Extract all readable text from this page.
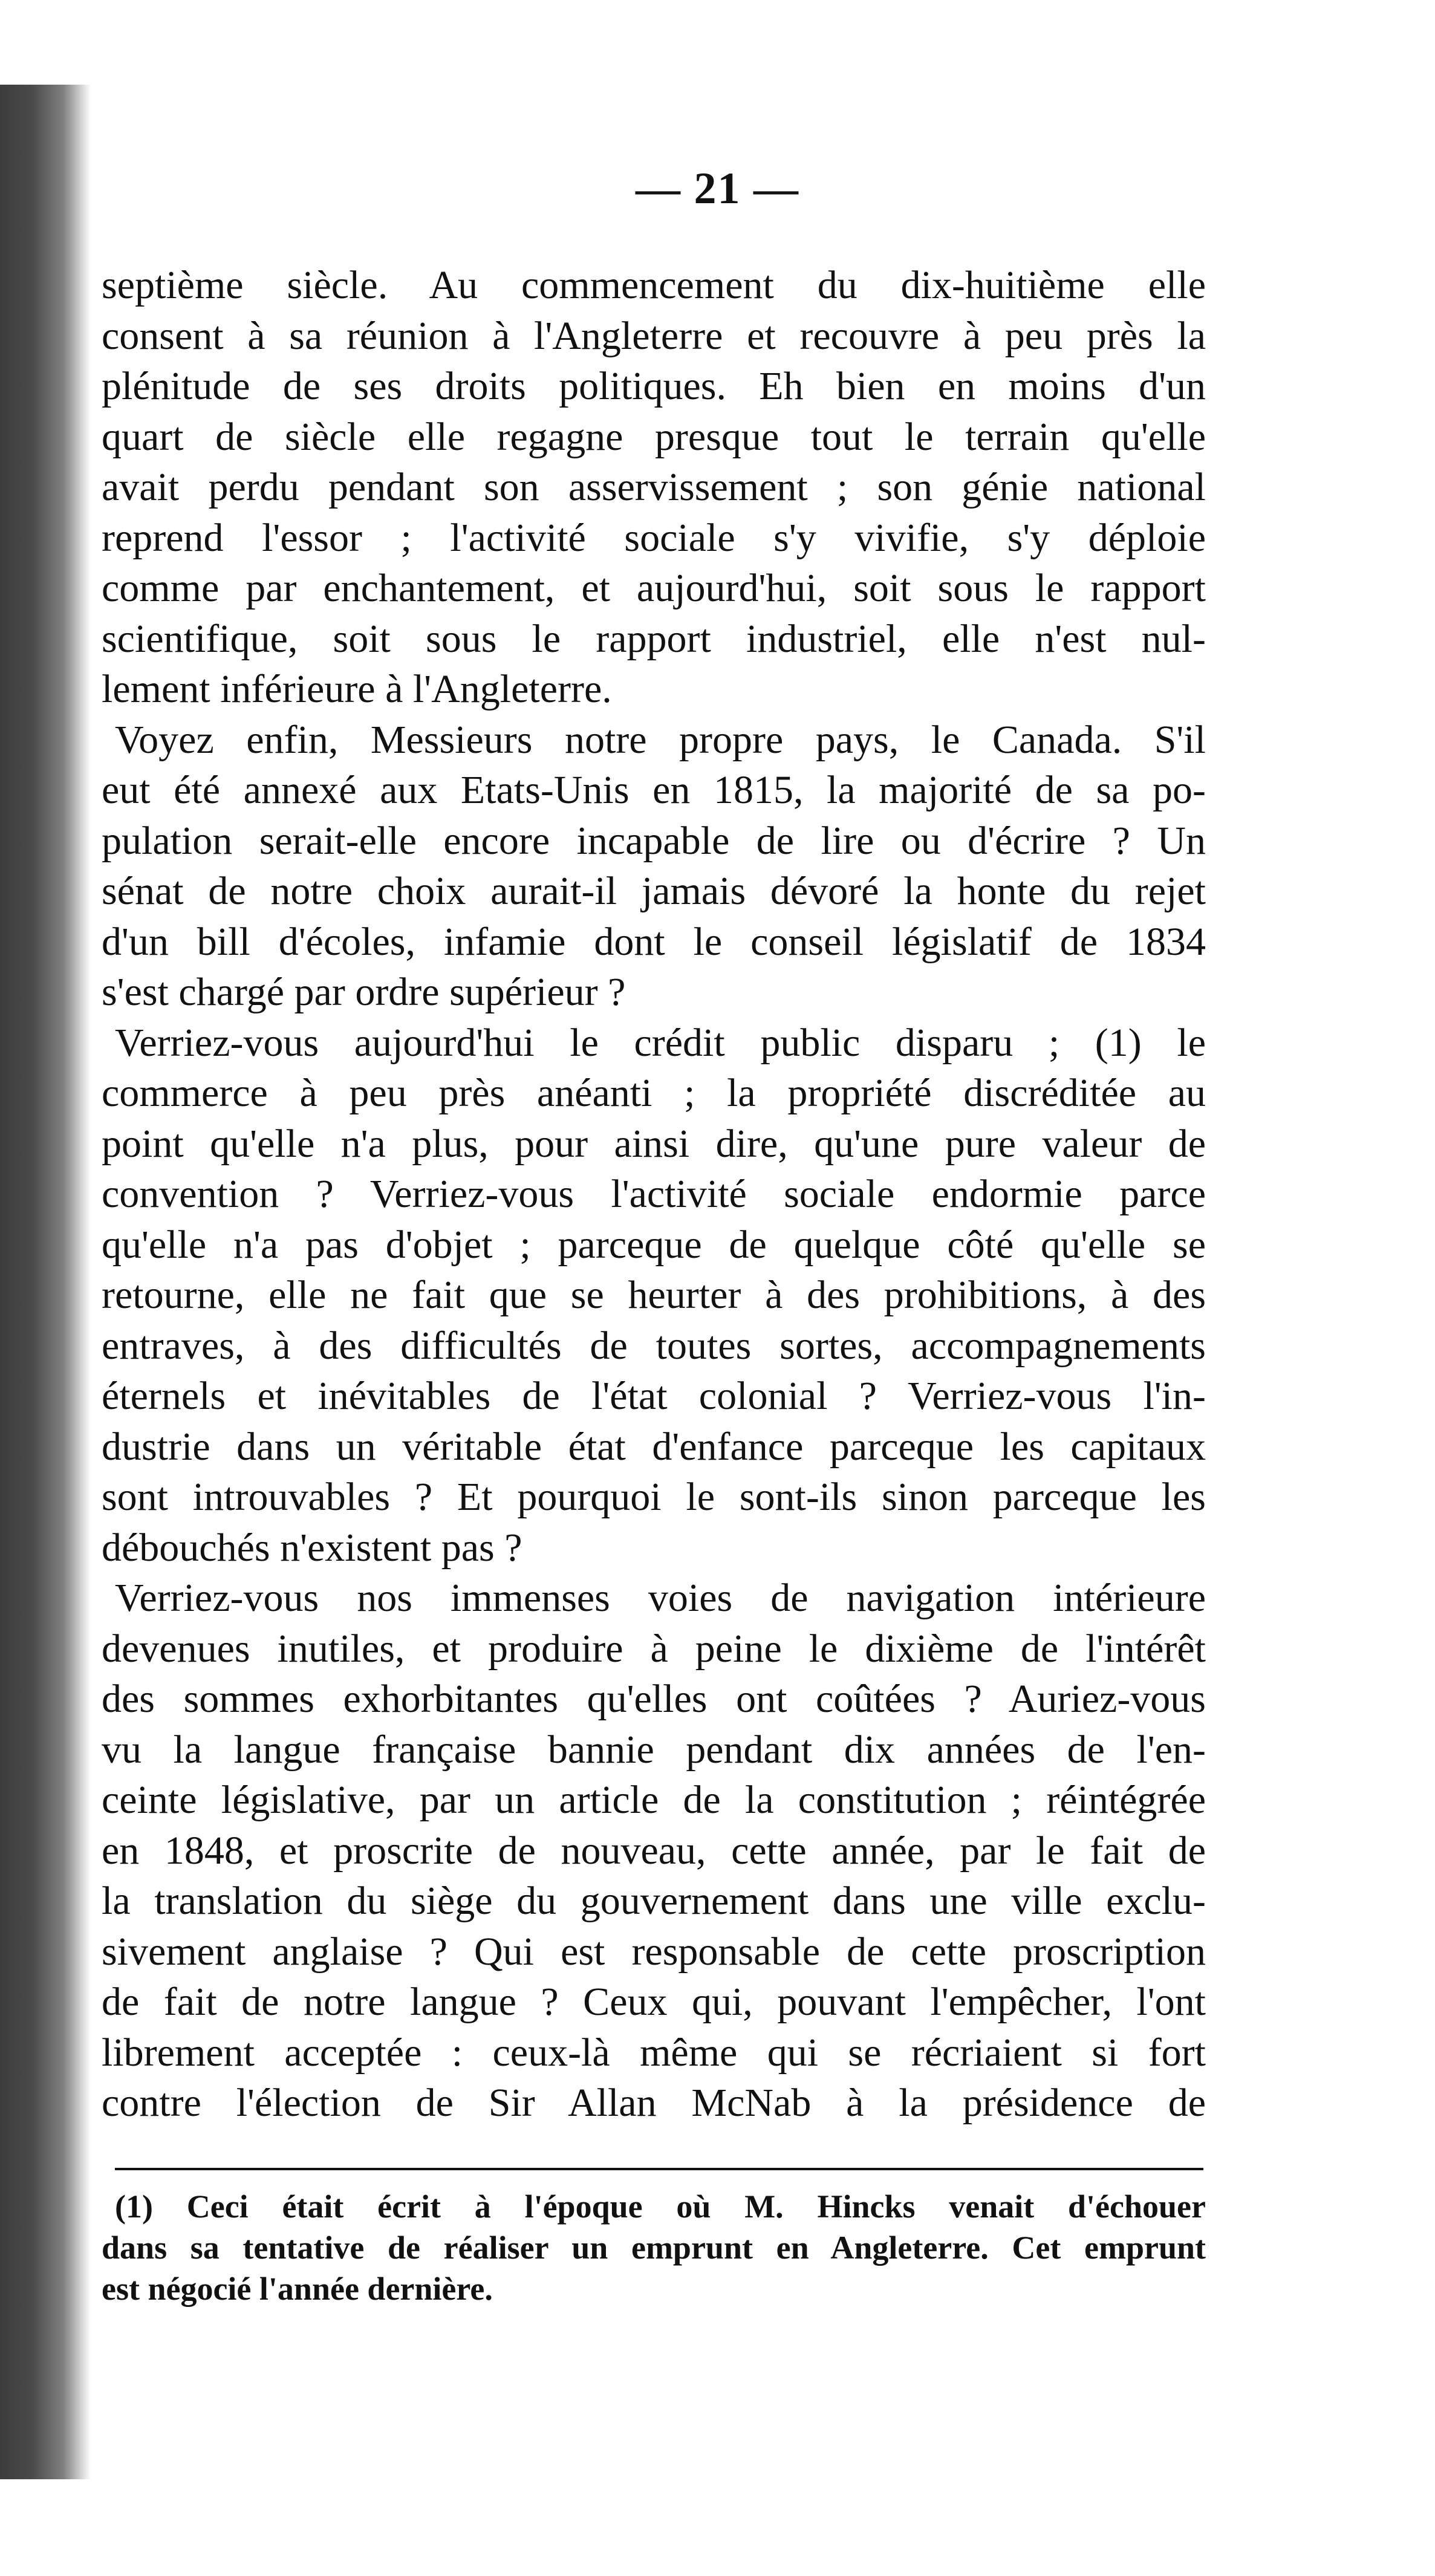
— 21 —
septième siècle. Au commencement du dix-huitième elle
consent à sa réunion à l'Angleterre et recouvre à peu près la
plénitude de ses droits politiques. Eh bien en moins d'un
quart de siècle elle regagne presque tout le terrain qu'elle
avait perdu pendant son asservissement ; son génie national
reprend l'essor ; l'activité sociale s'y vivifie, s'y déploie
comme par enchantement, et aujourd'hui, soit sous le rapport
scientifique, soit sous le rapport industriel, elle n'est nul-
lement inférieure à l'Angleterre.
Voyez enfin, Messieurs notre propre pays, le Canada. S'il
eut été annexé aux Etats-Unis en 1815, la majorité de sa po-
pulation serait-elle encore incapable de lire ou d'écrire ? Un
sénat de notre choix aurait-il jamais dévoré la honte du rejet
d'un bill d'écoles, infamie dont le conseil législatif de 1834
s'est chargé par ordre supérieur ?
Verriez-vous aujourd'hui le crédit public disparu ; (1) le
commerce à peu près anéanti ; la propriété discréditée au
point qu'elle n'a plus, pour ainsi dire, qu'une pure valeur de
convention ? Verriez-vous l'activité sociale endormie parce
qu'elle n'a pas d'objet ; parceque de quelque côté qu'elle se
retourne, elle ne fait que se heurter à des prohibitions, à des
entraves, à des difficultés de toutes sortes, accompagnements
éternels et inévitables de l'état colonial ? Verriez-vous l'in-
dustrie dans un véritable état d'enfance parceque les capitaux
sont introuvables ? Et pourquoi le sont-ils sinon parceque les
débouchés n'existent pas ?
Verriez-vous nos immenses voies de navigation intérieure
devenues inutiles, et produire à peine le dixième de l'intérêt
des sommes exhorbitantes qu'elles ont coûtées ? Auriez-vous
vu la langue française bannie pendant dix années de l'en-
ceinte législative, par un article de la constitution ; réintégrée
en 1848, et proscrite de nouveau, cette année, par le fait de
la translation du siège du gouvernement dans une ville exclu-
sivement anglaise ? Qui est responsable de cette proscription
de fait de notre langue ? Ceux qui, pouvant l'empêcher, l'ont
librement acceptée : ceux-là même qui se récriaient si fort
contre l'élection de Sir Allan McNab à la présidence de
(1) Ceci était écrit à l'époque où M. Hincks venait d'échouer
dans sa tentative de réaliser un emprunt en Angleterre. Cet emprunt
est négocié l'année dernière.
